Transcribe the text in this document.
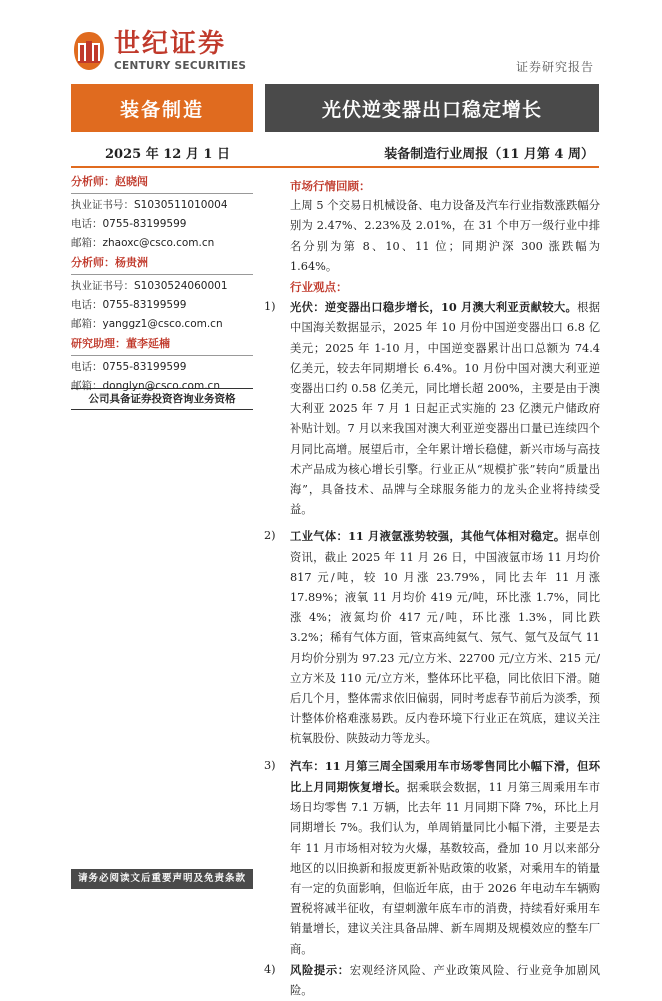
世纪证券
CENTURY SECURITIES	证券研究报告
装备制造	光伏逆变器出口稳定增长
2025 年 12 月 1 日	装备制造行业周报（11 月第 4 周）
分析师：赵晓闯
执业证书号：S1030511010004
电话：0755-83199599
邮箱：zhaoxc@csco.com.cn
分析师：杨贵洲
执业证书号：S1030524060001
电话：0755-83199599
邮箱：yanggz1@csco.com.cn
研究助理：董李延楠
电话：0755-83199599
邮箱：donglyn@csco.com.cn
公司具备证券投资咨询业务资格
请务必阅读文后重要声明及免责条款
市场行情回顾：
上周 5 个交易日机械设备、电力设备及汽车行业指数涨跌幅分别为 2.47%、2.23%及 2.01%，在 31 个申万一级行业中排名分别为第 8、10、11 位；同期沪深 300 涨跌幅为 1.64%。
行业观点：
1) 光伏：逆变器出口稳步增长，10 月澳大利亚贡献较大。根据中国海关数据显示，2025 年 10 月份中国逆变器出口 6.8 亿美元；2025 年 1-10 月，中国逆变器累计出口总额为 74.4 亿美元，较去年同期增长 6.4%。10 月份中国对澳大利亚逆变器出口约 0.58 亿美元，同比增长超 200%，主要是由于澳大利亚 2025 年 7 月 1 日起正式实施的 23 亿澳元户储政府补贴计划。7 月以来我国对澳大利亚逆变器出口量已连续四个月同比高增。展望后市，全年累计增长稳健，新兴市场与高技术产品成为核心增长引擎。行业正从“规模扩张”转向“质量出海”，具备技术、品牌与全球服务能力的龙头企业将持续受益。
2) 工业气体：11 月液氩涨势较强，其他气体相对稳定。据卓创资讯，截止 2025 年 11 月 26 日，中国液氩市场 11 月均价 817 元/吨，较 10 月涨 23.79%，同比去年 11 月涨 17.89%；液氧 11 月均价 419 元/吨，环比涨 1.7%，同比涨 4%；液氮均价 417 元/吨，环比涨 1.3%，同比跌 3.2%；稀有气体方面，管束高纯氦气、氖气、氪气及氙气 11 月均价分别为 97.23 元/立方米、22700 元/立方米、215 元/立方米及 110 元/立方米，整体环比平稳，同比依旧下滑。随后几个月，整体需求依旧偏弱，同时考虑春节前后为淡季，预计整体价格难涨易跌。反内卷环境下行业正在筑底，建议关注杭氧股份、陕鼓动力等龙头。
3) 汽车：11 月第三周全国乘用车市场零售同比小幅下滑，但环比上月同期恢复增长。据乘联会数据，11 月第三周乘用车市场日均零售 7.1 万辆，比去年 11 月同期下降 7%，环比上月同期增长 7%。我们认为，单周销量同比小幅下滑，主要是去年 11 月市场相对较为火爆，基数较高，叠加 10 月以来部分地区的以旧换新和报废更新补贴政策的收紧，对乘用车的销量有一定的负面影响，但临近年底，由于 2026 年电动车车辆购置税将减半征收，有望刺激年底车市的消费，持续看好乘用车销量增长，建议关注具备品牌、新车周期及规模效应的整车厂商。
4) 风险提示：宏观经济风险、产业政策风险、行业竞争加剧风险。
